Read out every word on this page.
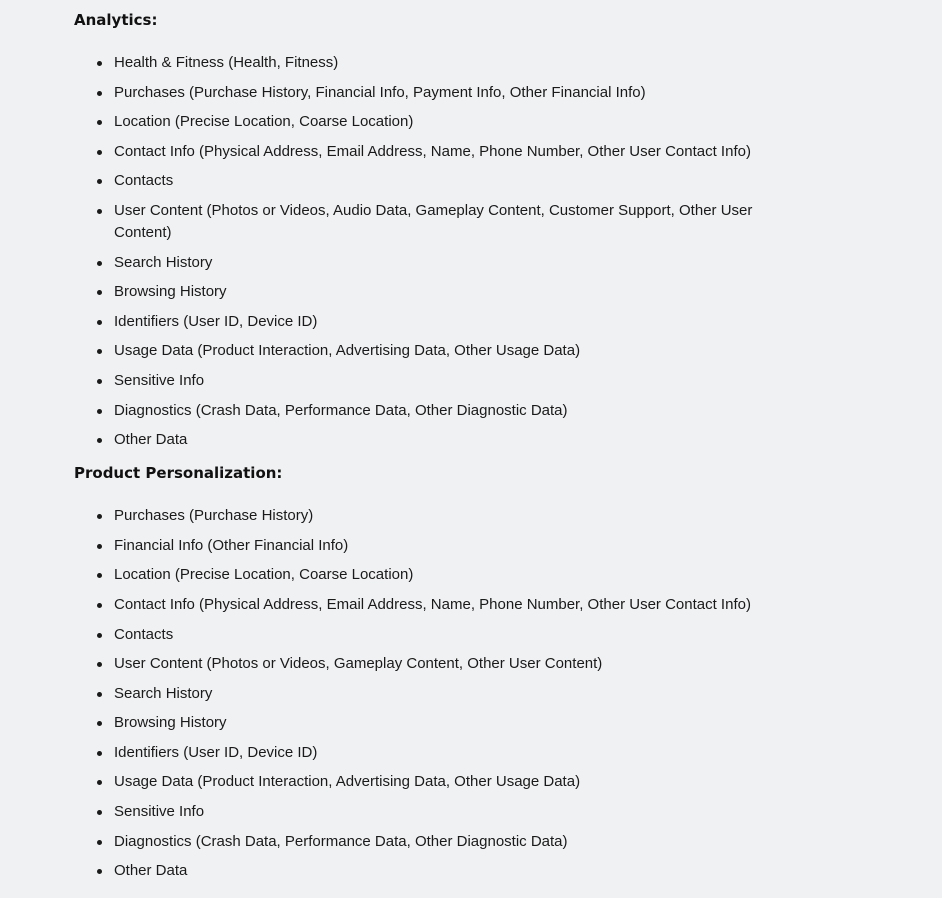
Analytics:
Health & Fitness (Health, Fitness)
Purchases (Purchase History, Financial Info, Payment Info, Other Financial Info)
Location (Precise Location, Coarse Location)
Contact Info (Physical Address, Email Address, Name, Phone Number, Other User Contact Info)
Contacts
User Content (Photos or Videos, Audio Data, Gameplay Content, Customer Support, Other User Content)
Search History
Browsing History
Identifiers (User ID, Device ID)
Usage Data (Product Interaction, Advertising Data, Other Usage Data)
Sensitive Info
Diagnostics (Crash Data, Performance Data, Other Diagnostic Data)
Other Data
Product Personalization:
Purchases (Purchase History)
Financial Info (Other Financial Info)
Location (Precise Location, Coarse Location)
Contact Info (Physical Address, Email Address, Name, Phone Number, Other User Contact Info)
Contacts
User Content (Photos or Videos, Gameplay Content, Other User Content)
Search History
Browsing History
Identifiers (User ID, Device ID)
Usage Data (Product Interaction, Advertising Data, Other Usage Data)
Sensitive Info
Diagnostics (Crash Data, Performance Data, Other Diagnostic Data)
Other Data
